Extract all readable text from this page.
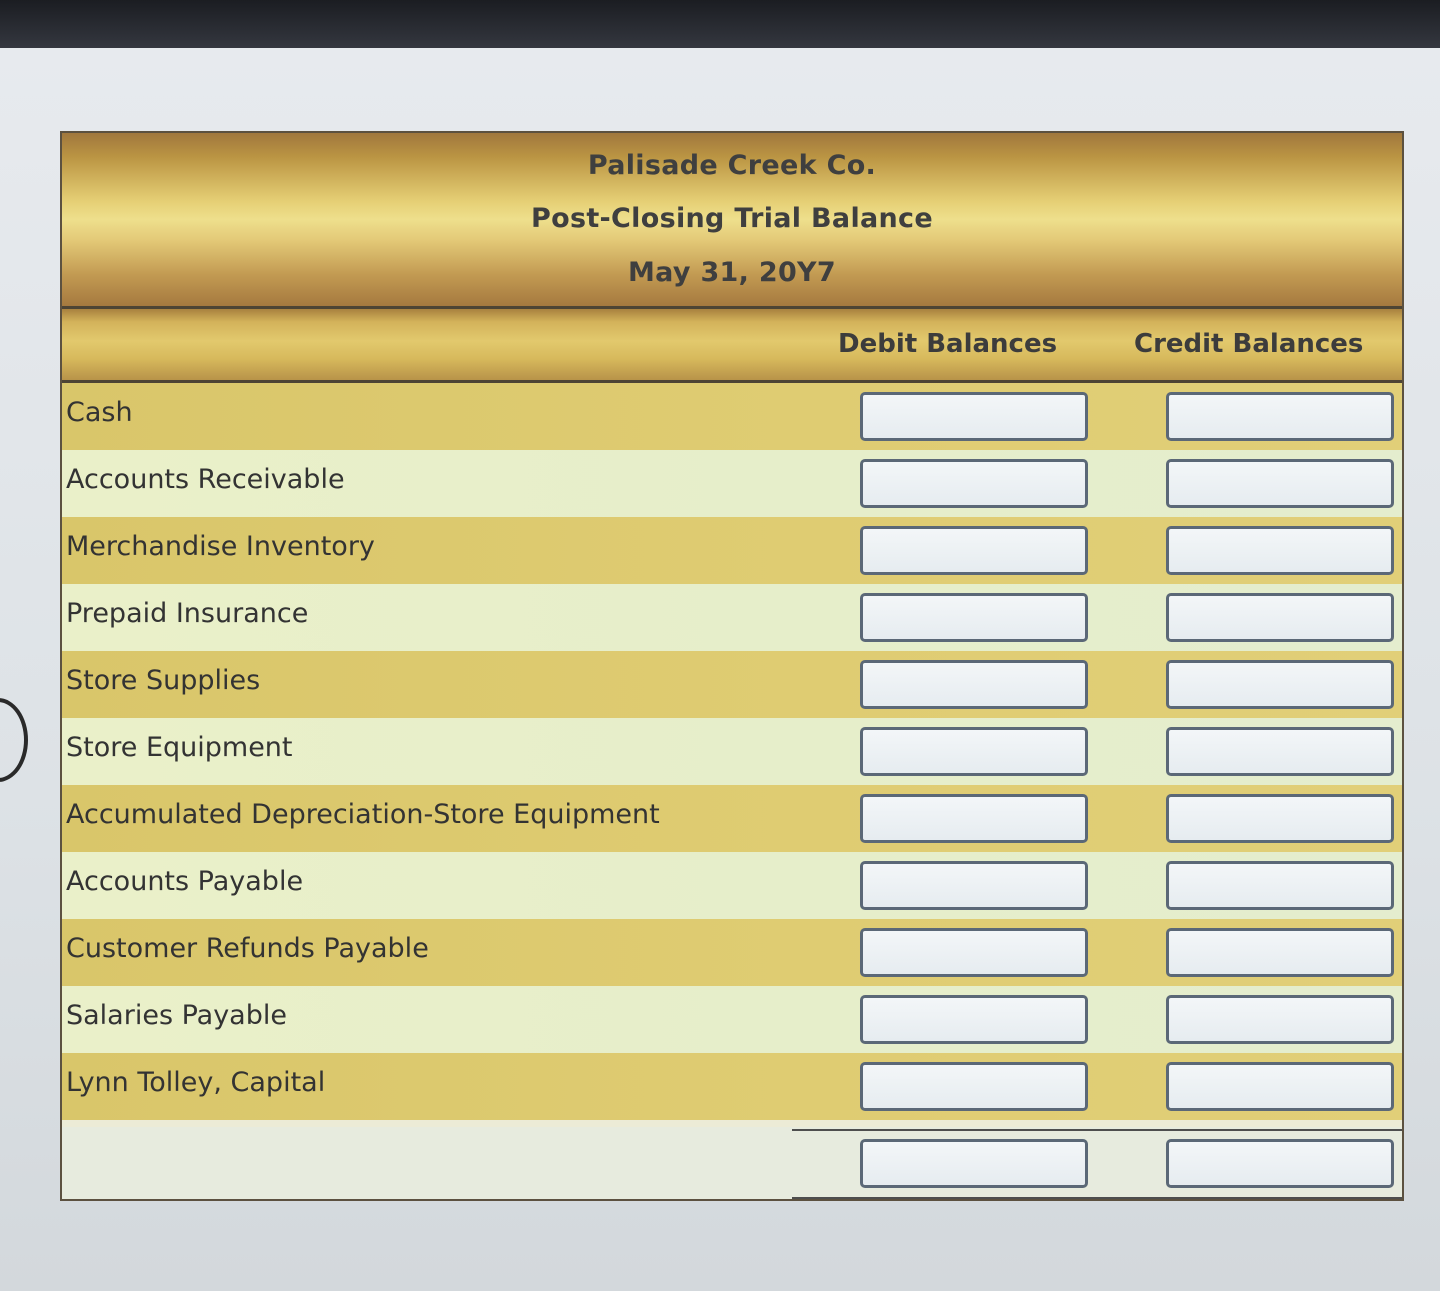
Palisade Creek Co.
Post-Closing Trial Balance
May 31, 20Y7
Debit Balances	Credit Balances
Cash
Accounts Receivable
Merchandise Inventory
Prepaid Insurance
Store Supplies
Store Equipment
Accumulated Depreciation-Store Equipment
Accounts Payable
Customer Refunds Payable
Salaries Payable
Lynn Tolley, Capital
